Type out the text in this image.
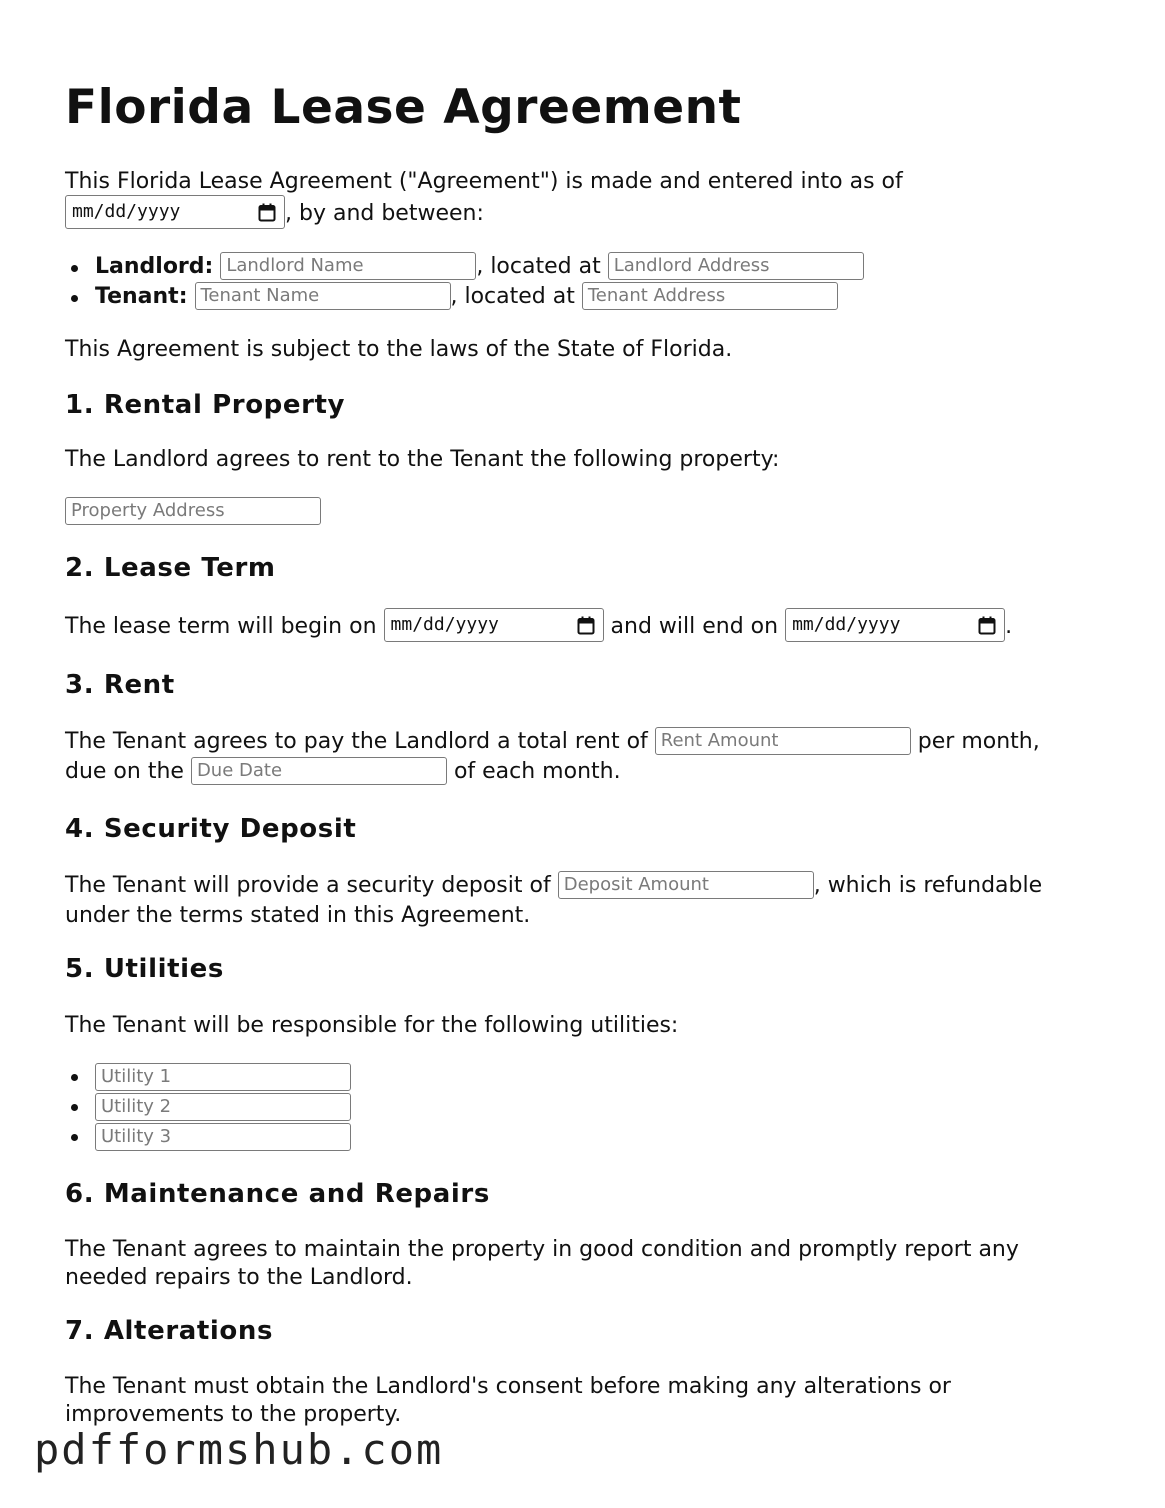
Florida Lease Agreement
This Florida Lease Agreement ("Agreement") is made and entered into as of
mm/dd/yyyy	, by and between:
Landlord: Landlord Name	, located at Landlord Address
Tenant: Tenant Name	, located at Tenant Address
This Agreement is subject to the laws of the State of Florida.
1. Rental Property
The Landlord agrees to rent to the Tenant the following property:
Property Address
2. Lease Term
The lease term will begin on mm/dd/yyyy	and will end on mm/dd/yyyy	.
3. Rent
The Tenant agrees to pay the Landlord a total rent of Rent Amount	per month,
due on the Due Date	of each month.
4. Security Deposit
The Tenant will provide a security deposit of Deposit Amount	, which is refundable
under the terms stated in this Agreement.
5. Utilities
The Tenant will be responsible for the following utilities:
Utility 1
Utility 2
Utility 3
6. Maintenance and Repairs
The Tenant agrees to maintain the property in good condition and promptly report any
needed repairs to the Landlord.
7. Alterations
The Tenant must obtain the Landlord's consent before making any alterations or
improvements to the property.
pdfformshub.com
